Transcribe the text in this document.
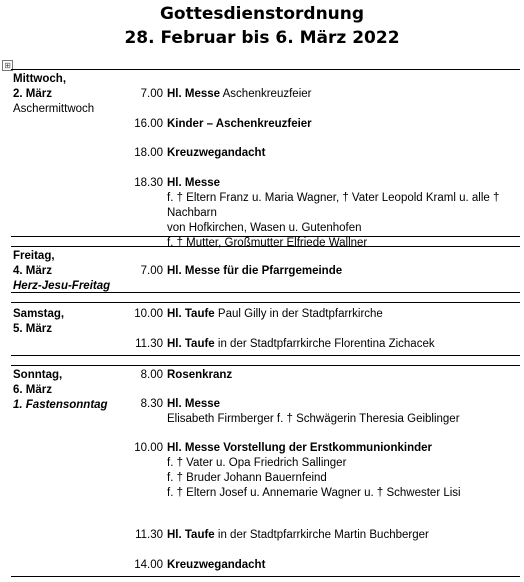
Gottesdienstordnung
28. Februar bis 6. März 2022
⊞
Mittwoch,
2. März
Aschermittwoch
7.00 Hl. Messe Aschenkreuzfeier
16.00 Kinder – Aschenkreuzfeier
18.00 Kreuzwegandacht
18.30 Hl. Messe
f. † Eltern Franz u. Maria Wagner, † Vater Leopold Kraml u. alle † Nachbarn
von Hofkirchen, Wasen u. Gutenhofen
f. † Mutter, Großmutter Elfriede Wallner
Freitag,
4. März
Herz-Jesu-Freitag
7.00 Hl. Messe für die Pfarrgemeinde
Samstag,
5. März
10.00 Hl. Taufe Paul Gilly in der Stadtpfarrkirche
11.30 Hl. Taufe in der Stadtpfarrkirche Florentina Zichacek
Sonntag,
6. März
1. Fastensonntag
8.00 Rosenkranz
8.30 Hl. Messe
Elisabeth Firmberger f. † Schwägerin Theresia Geiblinger
10.00 Hl. Messe Vorstellung der Erstkommunionkinder
f. † Vater u. Opa Friedrich Sallinger
f. † Bruder Johann Bauernfeind
f. † Eltern Josef u. Annemarie Wagner u. † Schwester Lisi
11.30 Hl. Taufe in der Stadtpfarrkirche Martin Buchberger
14.00 Kreuzwegandacht
